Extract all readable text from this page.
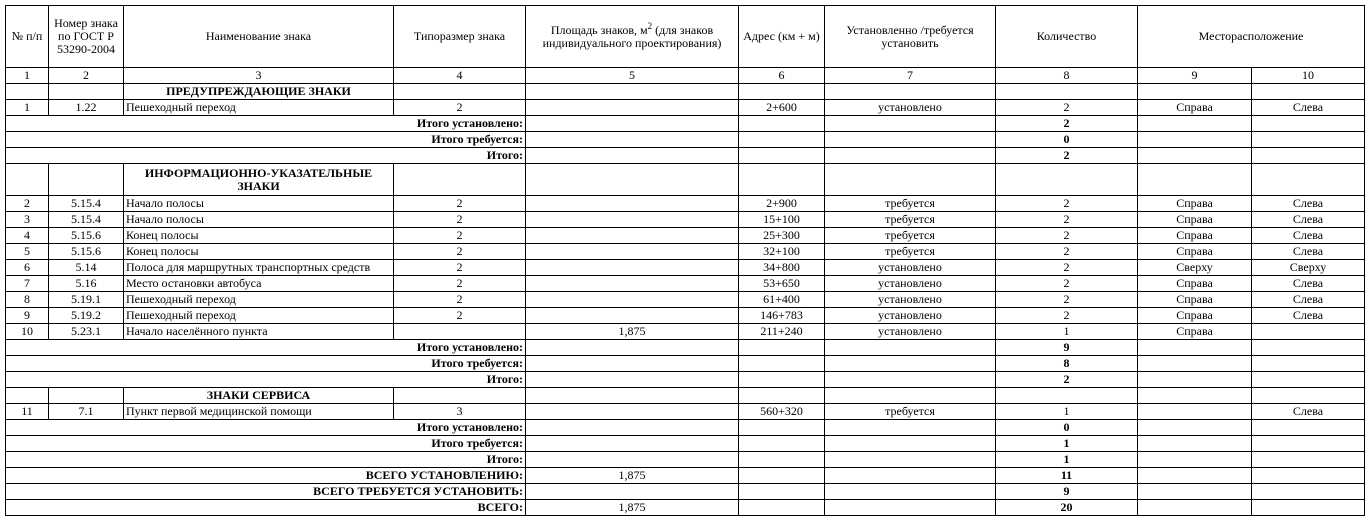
№ п/п	Номер знака по ГОСТ Р 53290-2004	Наименование знака	Типоразмер знака	Площадь знаков, $м^2$ (для знаков индивидуального проектирования)	Адрес (км + м)	Установленно /требуется установить	Количество	Месторасположение	
1	2	3	4	5	6	7	8	9	10
		ПРЕДУПРЕЖДАЮЩИЕ ЗНАКИ							
1	1.22	Пешеходный переход	2		2+600	установлено	2	Справа	Слева
Итого установлено:							2		
Итого требуется:							0		
Итого:							2		
		ИНФОРМАЦИОННО-УКАЗАТЕЛЬНЫЕ ЗНАКИ							
2	5.15.4	Начало полосы	2		2+900	требуется	2	Справа	Слева
3	5.15.4	Начало полосы	2		15+100	требуется	2	Справа	Слева
4	5.15.6	Конец полосы	2		25+300	требуется	2	Справа	Слева
5	5.15.6	Конец полосы	2		32+100	требуется	2	Справа	Слева
6	5.14	Полоса для маршрутных транспортных средств	2		34+800	установлено	2	Сверху	Сверху
7	5.16	Место остановки автобуса	2		53+650	установлено	2	Справа	Слева
8	5.19.1	Пешеходный переход	2		61+400	установлено	2	Справа	Слева
9	5.19.2	Пешеходный переход	2		146+783	установлено	2	Справа	Слева
10	5.23.1	Начало населённого пункта		1,875	211+240	установлено	1	Справа	
Итого установлено:							9		
Итого требуется:							8		
Итого:							2		
		ЗНАКИ СЕРВИСА							
11	7.1	Пункт первой медицинской помощи	3		560+320	требуется	1		Слева
Итого установлено:							0		
Итого требуется:							1		
Итого:							1		
ВСЕГО УСТАНОВЛЕНИЮ:				1,875			11		
ВСЕГО ТРЕБУЕТСЯ УСТАНОВИТЬ:							9		
ВСЕГО:				1,875			20		
